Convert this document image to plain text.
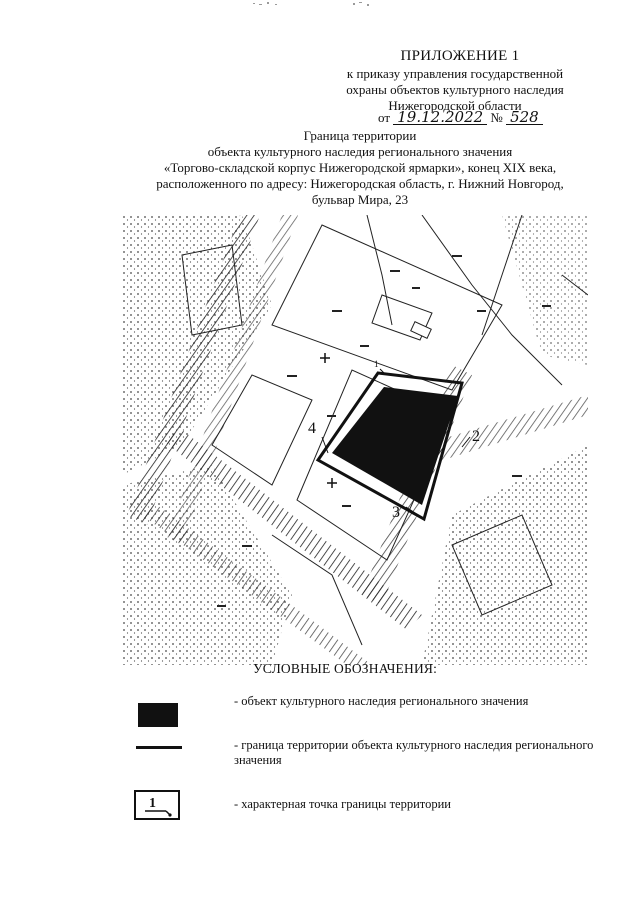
ПРИЛОЖЕНИЕ 1
к приказу управления государственной
охраны объектов культурного наследия
Нижегородской области
от 19.12.2022 № 528
Граница территории
объекта культурного наследия регионального значения
«Торгово-складской корпус Нижегородской ярмарки», конец XIX века,
расположенного по адресу: Нижегородская область, г. Нижний Новгород,
бульвар Мира, 23
1
2
3
4
УСЛОВНЫЕ ОБОЗНАЧЕНИЯ:
- объект культурного наследия регионального значения
- граница территории объекта культурного наследия регионального значения
1	- характерная точка границы территории
